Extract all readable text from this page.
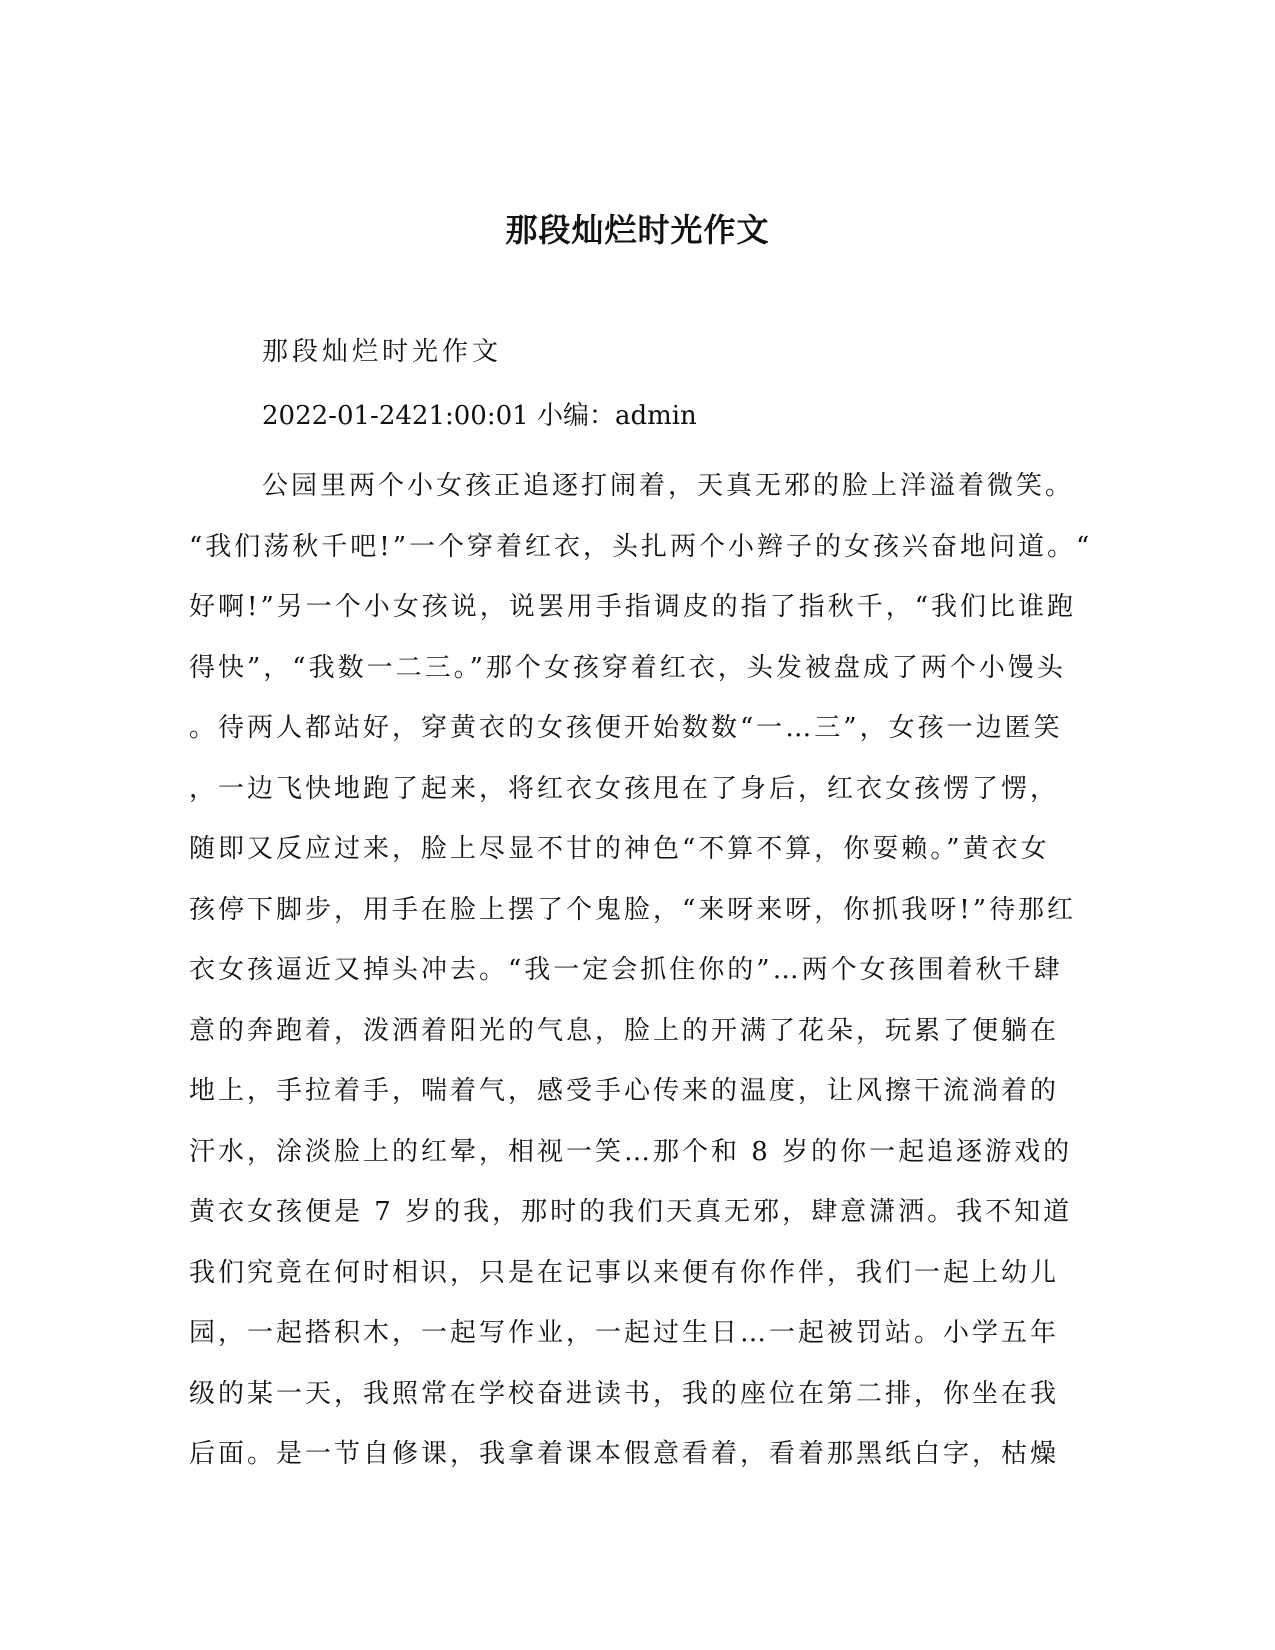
那段灿烂时光作文
那段灿烂时光作文
2022-01-2421:00:01 小编：admin
公园里两个小女孩正追逐打闹着，天真无邪的脸上洋溢着微笑。
“我们荡秋千吧!”一个穿着红衣，头扎两个小辫子的女孩兴奋地问道。“
好啊!”另一个小女孩说，说罢用手指调皮的指了指秋千，“我们比谁跑
得快”，“我数一二三。”那个女孩穿着红衣，头发被盘成了两个小馒头
。待两人都站好，穿黄衣的女孩便开始数数“一…三”，女孩一边匿笑
，一边飞快地跑了起来，将红衣女孩甩在了身后，红衣女孩愣了愣，
随即又反应过来，脸上尽显不甘的神色“不算不算，你耍赖。”黄衣女
孩停下脚步，用手在脸上摆了个鬼脸，“来呀来呀，你抓我呀!”待那红
衣女孩逼近又掉头冲去。“我一定会抓住你的”…两个女孩围着秋千肆
意的奔跑着，泼洒着阳光的气息，脸上的开满了花朵，玩累了便躺在
地上，手拉着手，喘着气，感受手心传来的温度，让风擦干流淌着的
汗水，涂淡脸上的红晕，相视一笑…那个和 8 岁的你一起追逐游戏的
黄衣女孩便是 7 岁的我，那时的我们天真无邪，肆意潇洒。我不知道
我们究竟在何时相识，只是在记事以来便有你作伴，我们一起上幼儿
园，一起搭积木，一起写作业，一起过生日…一起被罚站。小学五年
级的某一天，我照常在学校奋进读书，我的座位在第二排，你坐在我
后面。是一节自修课，我拿着课本假意看着，看着那黑纸白字，枯燥
